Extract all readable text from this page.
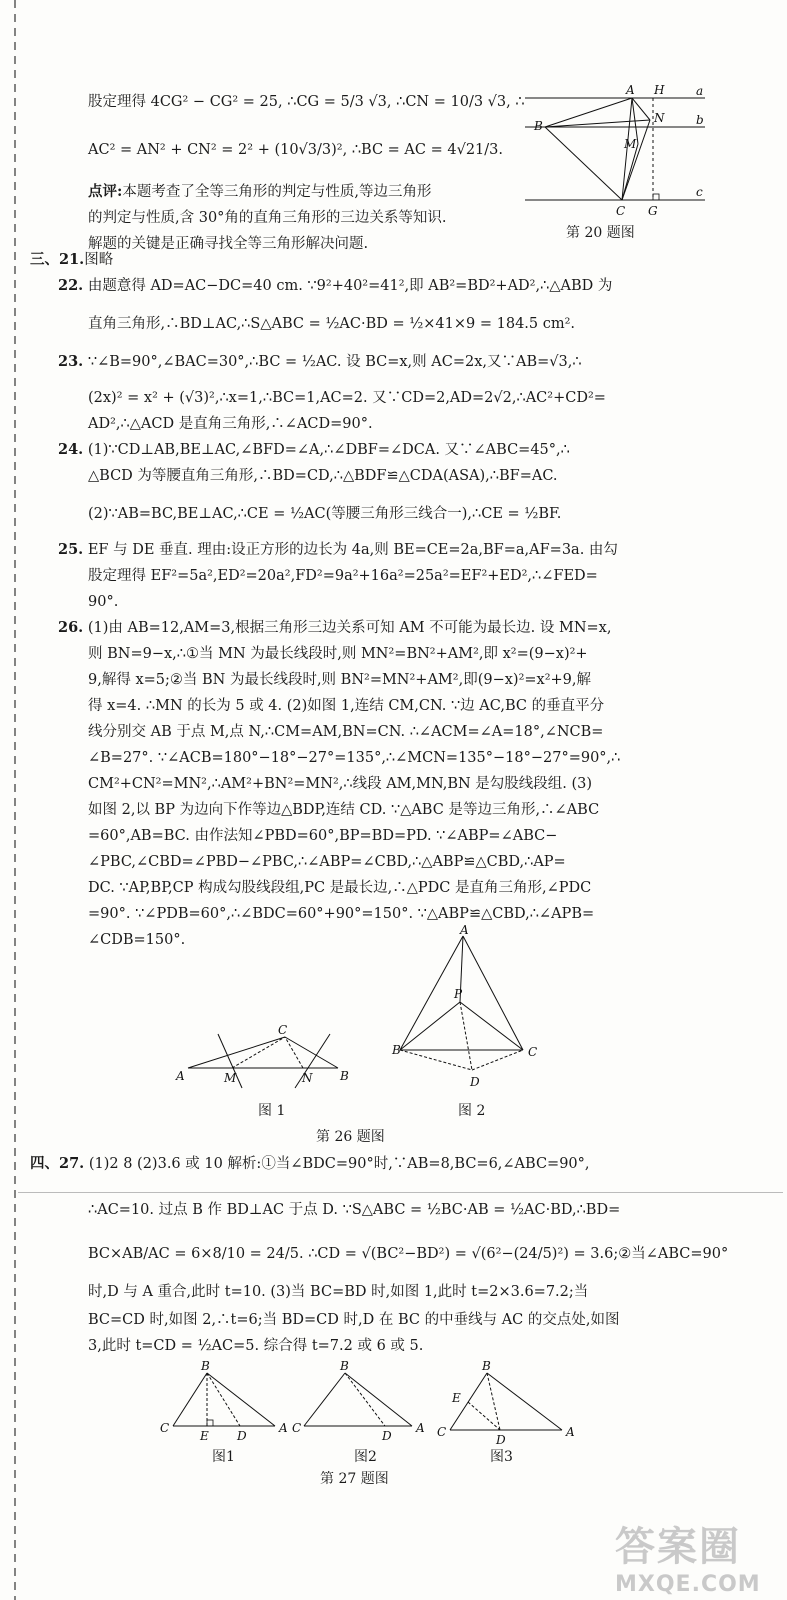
股定理得 4CG² − CG² = 25, ∴CG = 5/3 √3, ∴CN = 10/3 √3, ∴
AC² = AN² + CN² = 2² + (10√3/3)², ∴BC = AC = 4√21/3.
点评:本题考查了全等三角形的判定与性质,等边三角形
的判定与性质,含 30°角的直角三角形的三边关系等知识.
解题的关键是正确寻找全等三角形解决问题.
A H	a
B
N	b
M
C G
c
第 20 题图
三、21.图略
22. 由题意得 AD=AC−DC=40 cm. ∵9²+40²=41²,即 AB²=BD²+AD²,∴△ABD 为
直角三角形,∴BD⊥AC,∴S△ABC = ½AC·BD = ½×41×9 = 184.5 cm².
23. ∵∠B=90°,∠BAC=30°,∴BC = ½AC. 设 BC=x,则 AC=2x,又∵AB=√3,∴
(2x)² = x² + (√3)²,∴x=1,∴BC=1,AC=2. 又∵CD=2,AD=2√2,∴AC²+CD²=
AD²,∴△ACD 是直角三角形,∴∠ACD=90°.
24. (1)∵CD⊥AB,BE⊥AC,∠BFD=∠A,∴∠DBF=∠DCA. 又∵∠ABC=45°,∴
△BCD 为等腰直角三角形,∴BD=CD,∴△BDF≌△CDA(ASA),∴BF=AC.
(2)∵AB=BC,BE⊥AC,∴CE = ½AC(等腰三角形三线合一),∴CE = ½BF.
25. EF 与 DE 垂直. 理由:设正方形的边长为 4a,则 BE=CE=2a,BF=a,AF=3a. 由勾
股定理得 EF²=5a²,ED²=20a²,FD²=9a²+16a²=25a²=EF²+ED²,∴∠FED=
90°.
26. (1)由 AB=12,AM=3,根据三角形三边关系可知 AM 不可能为最长边. 设 MN=x,
则 BN=9−x,∴①当 MN 为最长线段时,则 MN²=BN²+AM²,即 x²=(9−x)²+
9,解得 x=5;②当 BN 为最长线段时,则 BN²=MN²+AM²,即(9−x)²=x²+9,解
得 x=4. ∴MN 的长为 5 或 4. (2)如图 1,连结 CM,CN. ∵边 AC,BC 的垂直平分
线分别交 AB 于点 M,点 N,∴CM=AM,BN=CN. ∴∠ACM=∠A=18°,∠NCB=
∠B=27°. ∵∠ACB=180°−18°−27°=135°,∴∠MCN=135°−18°−27°=90°,∴
CM²+CN²=MN²,∴AM²+BN²=MN²,∴线段 AM,MN,BN 是勾股线段组. (3)
如图 2,以 BP 为边向下作等边△BDP,连结 CD. ∵△ABC 是等边三角形,∴∠ABC
=60°,AB=BC. 由作法知∠PBD=60°,BP=BD=PD. ∵∠ABP=∠ABC−
∠PBC,∠CBD=∠PBD−∠PBC,∴∠ABP=∠CBD,∴△ABP≌△CBD,∴AP=
DC. ∵AP,BP,CP 构成勾股线段组,PC 是最长边,∴△PDC 是直角三角形,∠PDC
=90°. ∵∠PDB=60°,∴∠BDC=60°+90°=150°. ∵△ABP≌△CBD,∴∠APB=
∠CDB=150°.
C
A	M	N B
图 1
A
P
B	C
D
图 2
第 26 题图
四、27. (1)2 8 (2)3.6 或 10 解析:①当∠BDC=90°时,∵AB=8,BC=6,∠ABC=90°,
∴AC=10. 过点 B 作 BD⊥AC 于点 D. ∵S△ABC = ½BC·AB = ½AC·BD,∴BD=
BC×AB/AC = 6×8/10 = 24/5. ∴CD = √(BC²−BD²) = √(6²−(24/5)²) = 3.6;②当∠ABC=90°
时,D 与 A 重合,此时 t=10. (3)当 BC=BD 时,如图 1,此时 t=2×3.6=7.2;当
BC=CD 时,如图 2,∴t=6;当 BD=CD 时,D 在 BC 的中垂线与 AC 的交点处,如图
3,此时 t=CD = ½AC=5. 综合得 t=7.2 或 6 或 5.
B
C
E D
A
图1
B
C
D
A
图2
B
E
C
D
A
图3
第 27 题图
答案圈
MXQE.COM
